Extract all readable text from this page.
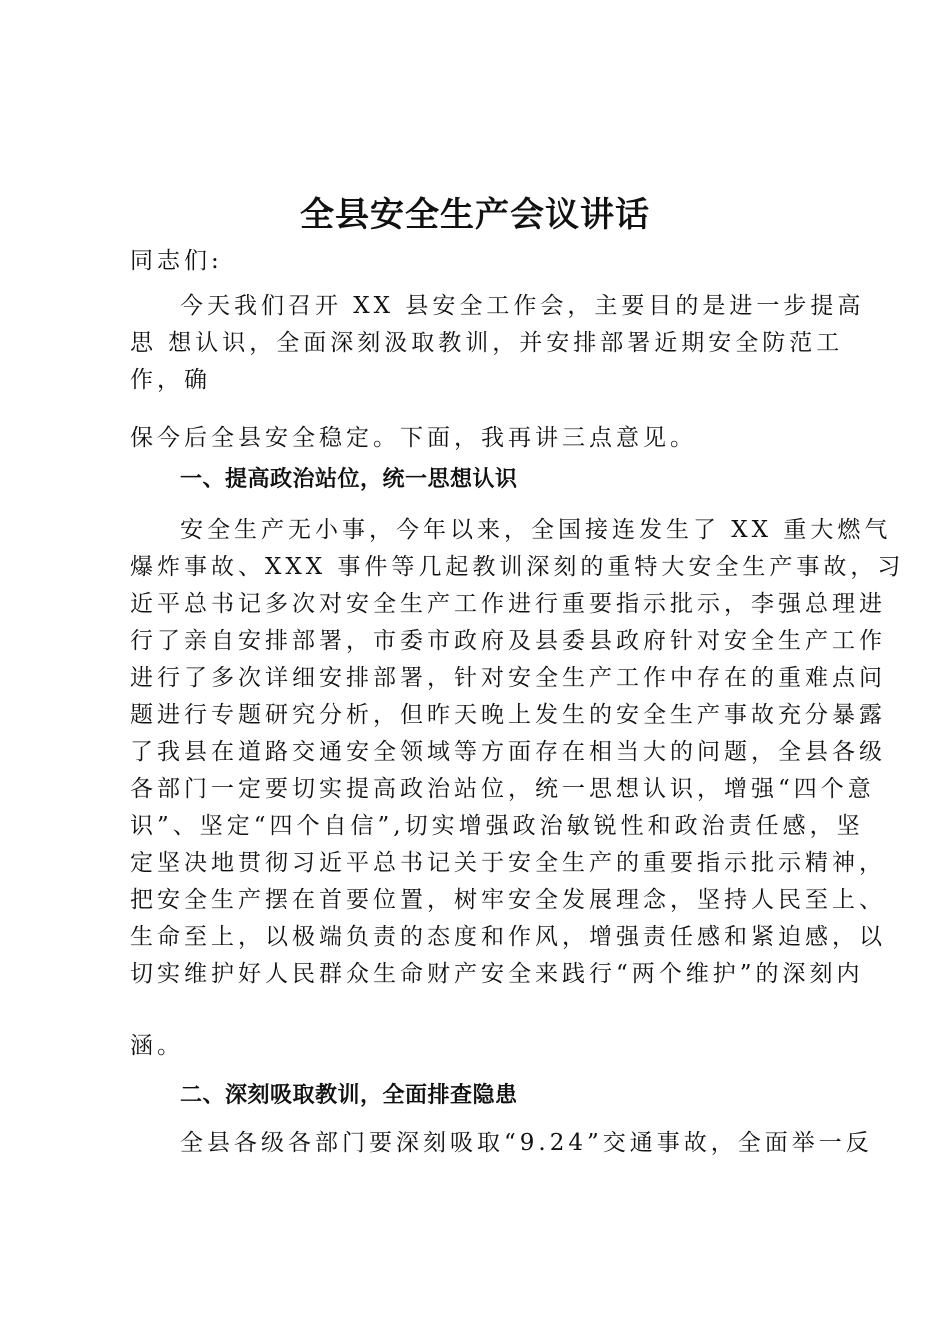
全县安全生产会议讲话
同志们:
今天我们召开 XX 县安全工作会，主要目的是进一步提高
思 想认识，全面深刻汲取教训，并安排部署近期安全防范工
作，确
保今后全县安全稳定。下面，我再讲三点意见。
一、提高政治站位，统一思想认识
安全生产无小事，今年以来，全国接连发生了 XX 重大燃气
爆炸事故、XXX 事件等几起教训深刻的重特大安全生产事故，习
近平总书记多次对安全生产工作进行重要指示批示，李强总理进
行了亲自安排部署，市委市政府及县委县政府针对安全生产工作
进行了多次详细安排部署，针对安全生产工作中存在的重难点问
题进行专题研究分析，但昨天晚上发生的安全生产事故充分暴露
了我县在道路交通安全领域等方面存在相当大的问题，全县各级
各部门一定要切实提高政治站位，统一思想认识，增强“四个意
识”、坚定“四个自信”,切实增强政治敏锐性和政治责任感，坚
定坚决地贯彻习近平总书记关于安全生产的重要指示批示精神，
把安全生产摆在首要位置，树牢安全发展理念，坚持人民至上、
生命至上，以极端负责的态度和作风，增强责任感和紧迫感，以
切实维护好人民群众生命财产安全来践行“两个维护”的深刻内
涵。
二、深刻吸取教训，全面排查隐患
全县各级各部门要深刻吸取“9.24”交通事故，全面举一反
